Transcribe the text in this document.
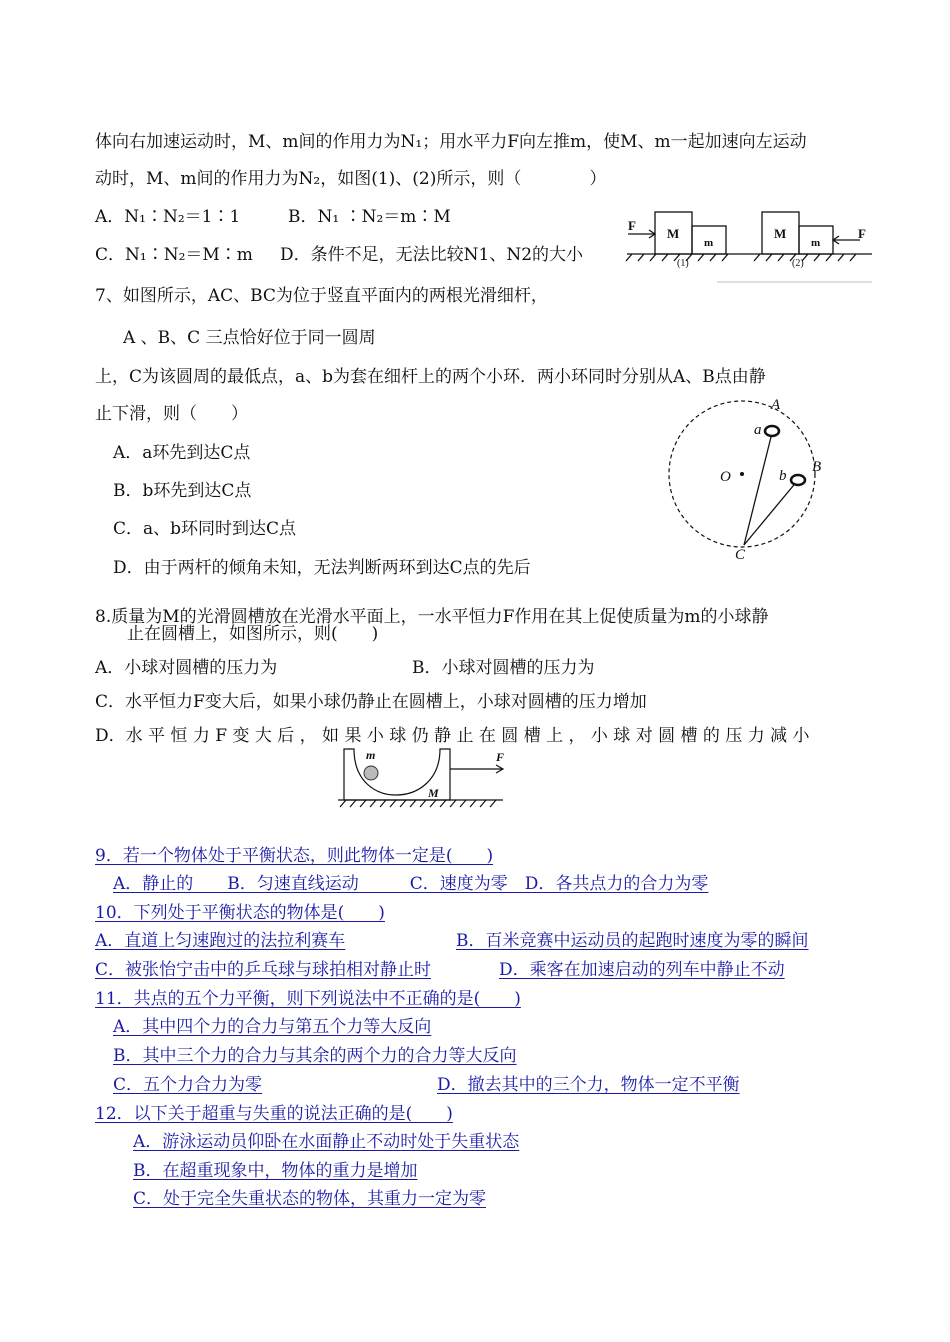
体向右加速运动时，M、m间的作用力为N₁；用水平力F向左推m，使M、m一起加速向左运动
动时，M、m间的作用力为N₂，如图(1)、(2)所示，则（　　　　）
A．N₁∶N₂＝1∶1	B．N₁ ∶N₂＝m∶M
C．N₁∶N₂＝M∶m D．条件不足，无法比较N1、N2的大小
F
M
m
M
m
F
(1)	(2)
7、如图所示，AC、BC为位于竖直平面内的两根光滑细杆，
A 、B、C 三点恰好位于同一圆周
上，C为该圆周的最低点，a、b为套在细杆上的两个小环．两小环同时分别从A、B点由静
止下滑，则（　　）
A．a环先到达C点
B．b环先到达C点
C．a、b环同时到达C点
D．由于两杆的倾角未知，无法判断两环到达C点的先后
A
a
B
b
O
C
8.质量为M的光滑圆槽放在光滑水平面上，一水平恒力F作用在其上促使质量为m的小球静
止在圆槽上，如图所示，则(　　)
A．小球对圆槽的压力为	B．小球对圆槽的压力为
C．水平恒力F变大后，如果小球仍静止在圆槽上，小球对圆槽的压力增加
D．水 平 恒 力 F 变 大 后 ， 如 果 小 球 仍 静 止 在 圆 槽 上 ， 小 球 对 圆 槽 的 压 力 减 小
m
M
F
9．若一个物体处于平衡状态，则此物体一定是(　　)
A．静止的　　B．匀速直线运动　　　C．速度为零　D．各共点力的合力为零
10．下列处于平衡状态的物体是(　　)
A．直道上匀速跑过的法拉利赛车	B．百米竞赛中运动员的起跑时速度为零的瞬间
C．被张怡宁击中的乒乓球与球拍相对静止时	D．乘客在加速启动的列车中静止不动
11．共点的五个力平衡，则下列说法中不正确的是(　　)
A．其中四个力的合力与第五个力等大反向
B．其中三个力的合力与其余的两个力的合力等大反向
C．五个力合力为零	D．撤去其中的三个力，物体一定不平衡
12．以下关于超重与失重的说法正确的是(　　)
A．游泳运动员仰卧在水面静止不动时处于失重状态
B．在超重现象中，物体的重力是增加
C．处于完全失重状态的物体，其重力一定为零
